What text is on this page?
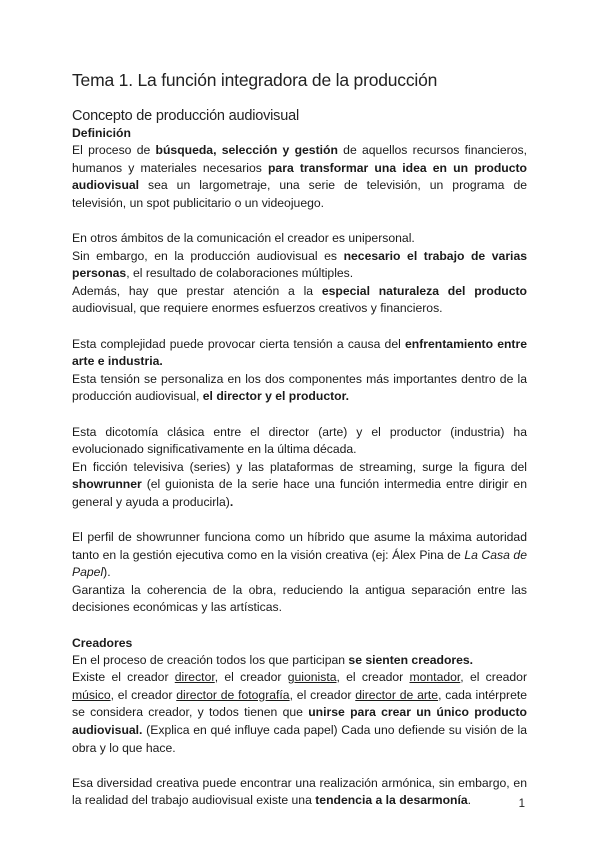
Tema 1. La función integradora de la producción
Concepto de producción audiovisual
Definición

El proceso de búsqueda, selección y gestión de aquellos recursos financieros, humanos y materiales necesarios para transformar una idea en un producto audiovisual sea un largometraje, una serie de televisión, un programa de televisión, un spot publicitario o un videojuego.

En otros ámbitos de la comunicación el creador es unipersonal.

Sin embargo, en la producción audiovisual es necesario el trabajo de varias personas, el resultado de colaboraciones múltiples.

Además, hay que prestar atención a la especial naturaleza del producto audiovisual, que requiere enormes esfuerzos creativos y financieros.

Esta complejidad puede provocar cierta tensión a causa del enfrentamiento entre arte e industria.

Esta tensión se personaliza en los dos componentes más importantes dentro de la producción audiovisual, el director y el productor.

Esta dicotomía clásica entre el director (arte) y el productor (industria) ha evolucionado significativamente en la última década.

En ficción televisiva (series) y las plataformas de streaming, surge la figura del showrunner (el guionista de la serie hace una función intermedia entre dirigir en general y ayuda a producirla).

El perfil de showrunner funciona como un híbrido que asume la máxima autoridad tanto en la gestión ejecutiva como en la visión creativa (ej: Álex Pina de La Casa de Papel).

Garantiza la coherencia de la obra, reduciendo la antigua separación entre las decisiones económicas y las artísticas.

Creadores

En el proceso de creación todos los que participan se sienten creadores.

Existe el creador director, el creador guionista, el creador montador, el creador músico, el creador director de fotografía, el creador director de arte, cada intérprete se considera creador, y todos tienen que unirse para crear un único producto audiovisual. (Explica en qué influye cada papel) Cada uno defiende su visión de la obra y lo que hace.

Esa diversidad creativa puede encontrar una realización armónica, sin embargo, en la realidad del trabajo audiovisual existe una tendencia a la desarmonía.	1
